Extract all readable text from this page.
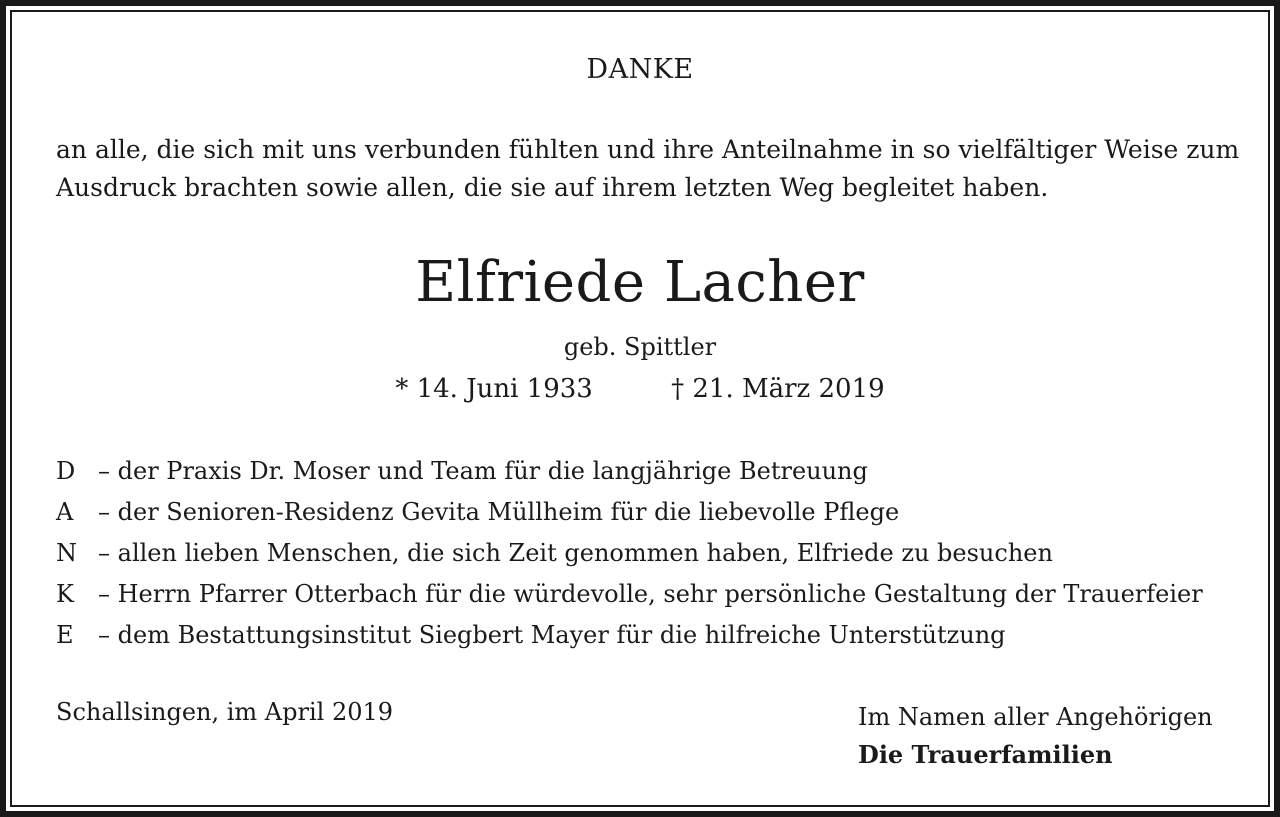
DANKE
an alle, die sich mit uns verbunden fühlten und ihre Anteilnahme in so vielfältiger Weise zum
Ausdruck brachten sowie allen, die sie auf ihrem letzten Weg begleitet haben.
Elfriede Lacher
geb. Spittler
* 14. Juni 1933	† 21. März 2019
D – der Praxis Dr. Moser und Team für die langjährige Betreuung
A – der Senioren-Residenz Gevita Müllheim für die liebevolle Pflege
N – allen lieben Menschen, die sich Zeit genommen haben, Elfriede zu besuchen
K – Herrn Pfarrer Otterbach für die würdevolle, sehr persönliche Gestaltung der Trauerfeier
E – dem Bestattungsinstitut Siegbert Mayer für die hilfreiche Unterstützung
Schallsingen, im April 2019	Im Namen aller Angehörigen
Die Trauerfamilien
